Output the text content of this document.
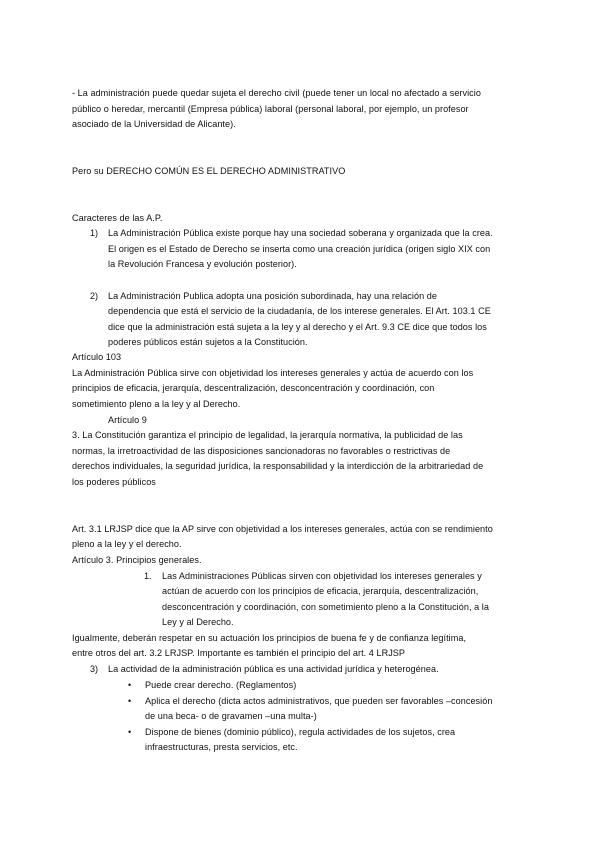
- La administración puede quedar sujeta el derecho civil (puede tener un local no afectado a servicio
público o heredar, mercantil (Empresa pública) laboral (personal laboral, por ejemplo, un profesor
asociado de la Universidad de Alicante).
Pero su DERECHO COMÚN ES EL DERECHO ADMINISTRATIVO
Caracteres de las A.P.
1) La Administración Pública existe porque hay una sociedad soberana y organizada que la crea.
El origen es el Estado de Derecho se inserta como una creación jurídica (origen siglo XIX con
la Revolución Francesa y evolución posterior).
2) La Administración Publica adopta una posición subordinada, hay una relación de
dependencia que está el servicio de la ciudadanía, de los interese generales. El Art. 103.1 CE
dice que la administración está sujeta a la ley y al derecho y el Art. 9.3 CE dice que todos los
poderes públicos están sujetos a la Constitución.
Artículo 103
La Administración Pública sirve con objetividad los intereses generales y actúa de acuerdo con los
principios de eficacia, jerarquía, descentralización, desconcentración y coordinación, con
sometimiento pleno a la ley y al Derecho.
Artículo 9
3. La Constitución garantiza el principio de legalidad, la jerarquía normativa, la publicidad de las
normas, la irretroactividad de las disposiciones sancionadoras no favorables o restrictivas de
derechos individuales, la seguridad jurídica, la responsabilidad y la interdicción de la arbitrariedad de
los poderes públicos
Art. 3.1 LRJSP dice que la AP sirve con objetividad a los intereses generales, actúa con se rendimiento
pleno a la ley y el derecho.
Artículo 3. Principios generales.
1. Las Administraciones Públicas sirven con objetividad los intereses generales y
actúan de acuerdo con los principios de eficacia, jerarquía, descentralización,
desconcentración y coordinación, con sometimiento pleno a la Constitución, a la
Ley y al Derecho.
Igualmente, deberán respetar en su actuación los principios de buena fe y de confianza legítima,
entre otros del art. 3.2 LRJSP. Importante es también el principio del art. 4 LRJSP
3) La actividad de la administración pública es una actividad jurídica y heterogénea.
• Puede crear derecho. (Reglamentos)
• Aplica el derecho (dicta actos administrativos, que pueden ser favorables –concesión
de una beca- o de gravamen –una multa-)
• Dispone de bienes (dominio público), regula actividades de los sujetos, crea
infraestructuras, presta servicios, etc.
